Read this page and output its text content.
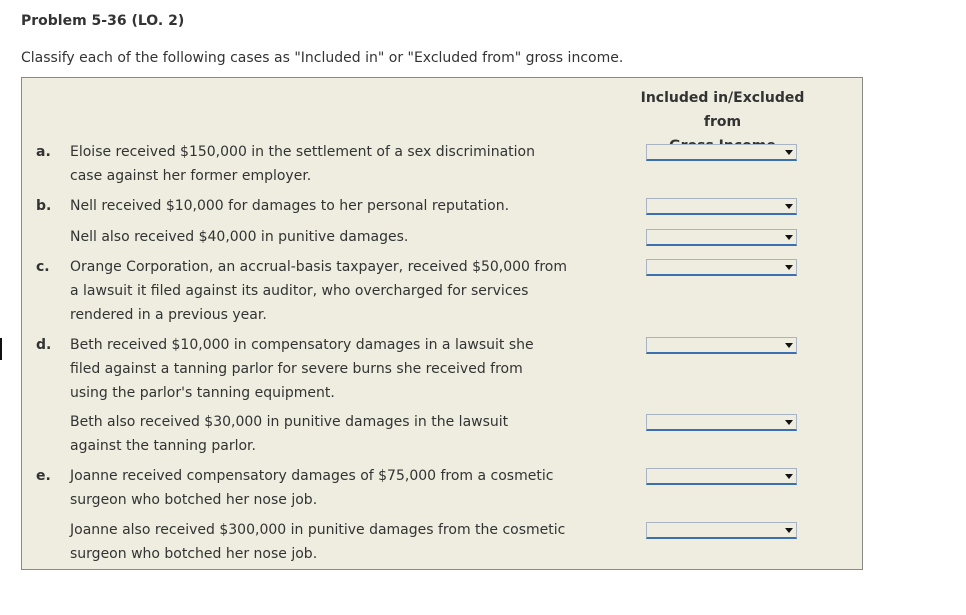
Problem 5-36 (LO. 2)

Classify each of the following cases as "Included in" or "Excluded from" gross income.

Included in/Excluded from
a. Eloise received $150,000 in the settlement of a sex discrimination case against her former employer.
b. Nell received $10,000 for damages to her personal reputation.
Nell also received $40,000 in punitive damages.
c. Orange Corporation, an accrual-basis taxpayer, received $50,000 from a lawsuit it filed against its auditor, who overcharged for services rendered in a previous year.
d. Beth received $10,000 in compensatory damages in a lawsuit she filed against a tanning parlor for severe burns she received from using the parlor's tanning equipment.
Beth also received $30,000 in punitive damages in the lawsuit against the tanning parlor.
e. Joanne received compensatory damages of $75,000 from a cosmetic surgeon who botched her nose job.
Joanne also received $300,000 in punitive damages from the cosmetic surgeon who botched her nose job.
